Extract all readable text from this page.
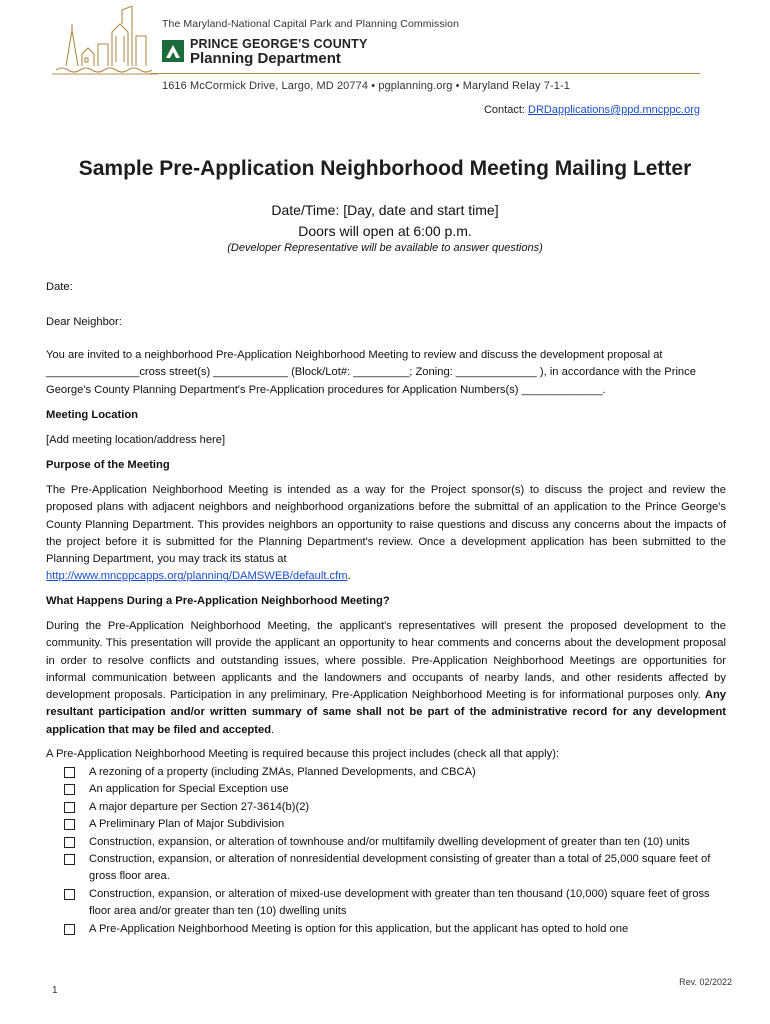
The Maryland-National Capital Park and Planning Commission
PRINCE GEORGE'S COUNTY
Planning Department
1616 McCormick Drive, Largo, MD 20774 • pgplanning.org • Maryland Relay 7-1-1
Contact: DRDapplications@ppd.mncppc.org
Sample Pre-Application Neighborhood Meeting Mailing Letter
Date/Time: [Day, date and start time]
Doors will open at 6:00 p.m.
(Developer Representative will be available to answer questions)
Date:
Dear Neighbor:
You are invited to a neighborhood Pre-Application Neighborhood Meeting to review and discuss the development proposal at _______________cross street(s) ____________ (Block/Lot#: _________; Zoning: _____________ ), in accordance with the Prince George's County Planning Department's Pre-Application procedures for Application Numbers(s) _____________.
Meeting Location
[Add meeting location/address here]
Purpose of the Meeting
The Pre-Application Neighborhood Meeting is intended as a way for the Project sponsor(s) to discuss the project and review the proposed plans with adjacent neighbors and neighborhood organizations before the submittal of an application to the Prince George's County Planning Department. This provides neighbors an opportunity to raise questions and discuss any concerns about the impacts of the project before it is submitted for the Planning Department's review. Once a development application has been submitted to the Planning Department, you may track its status at
http://www.mncppcapps.org/planning/DAMSWEB/default.cfm.
What Happens During a Pre-Application Neighborhood Meeting?
During the Pre-Application Neighborhood Meeting, the applicant's representatives will present the proposed development to the community. This presentation will provide the applicant an opportunity to hear comments and concerns about the development proposal in order to resolve conflicts and outstanding issues, where possible. Pre-Application Neighborhood Meetings are opportunities for informal communication between applicants and the landowners and occupants of nearby lands, and other residents affected by development proposals. Participation in any preliminary, Pre-Application Neighborhood Meeting is for informational purposes only. Any resultant participation and/or written summary of same shall not be part of the administrative record for any development application that may be filed and accepted.
A Pre-Application Neighborhood Meeting is required because this project includes (check all that apply):
A rezoning of a property (including ZMAs, Planned Developments, and CBCA)
An application for Special Exception use
A major departure per Section 27-3614(b)(2)
A Preliminary Plan of Major Subdivision
Construction, expansion, or alteration of townhouse and/or multifamily dwelling development of greater than ten (10) units
Construction, expansion, or alteration of nonresidential development consisting of greater than a total of 25,000 square feet of gross floor area.
Construction, expansion, or alteration of mixed-use development with greater than ten thousand (10,000) square feet of gross floor area and/or greater than ten (10) dwelling units
A Pre-Application Neighborhood Meeting is option for this application, but the applicant has opted to hold one
Rev. 02/2022
1
